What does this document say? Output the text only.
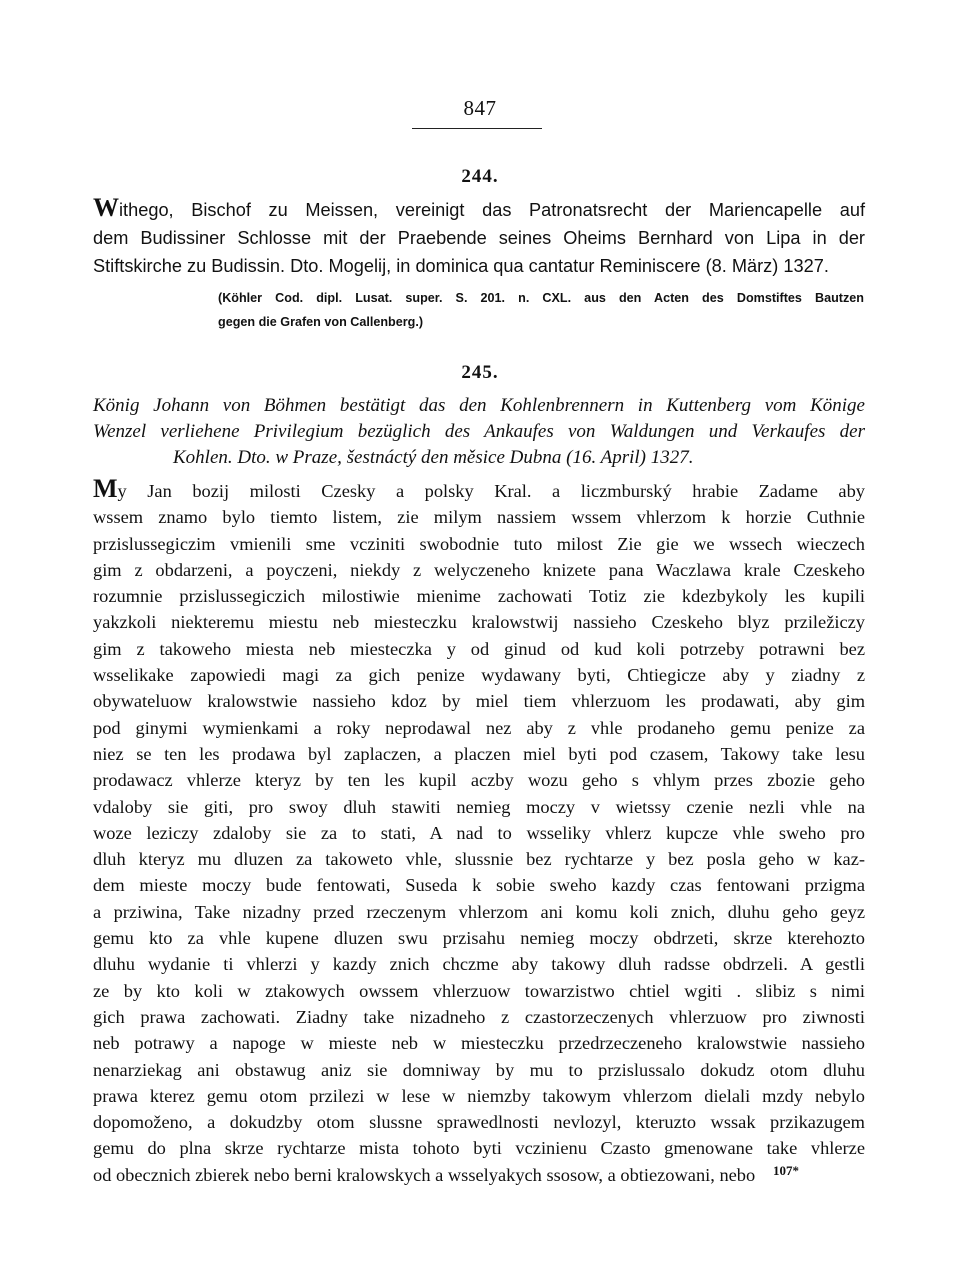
847
244.
Withego, Bischof zu Meissen, vereinigt das Patronatsrecht der Mariencapelle auf
dem Budissiner Schlosse mit der Praebende seines Oheims Bernhard von Lipa in der
Stiftskirche zu Budissin. Dto. Mogelij, in dominica qua cantatur Reminiscere (8. März) 1327.
(Köhler Cod. dipl. Lusat. super. S. 201. n. CXL. aus den Acten des Domstiftes Bautzen
gegen die Grafen von Callenberg.)
245.
König Johann von Böhmen bestätigt das den Kohlenbrennern in Kuttenberg vom Könige
Wenzel verliehene Privilegium bezüglich des Ankaufes von Waldungen und Verkaufes der
Kohlen. Dto. w Praze, šestnáctý den měsice Dubna (16. April) 1327.
My Jan bozij milosti Czesky a polsky Kral. a liczmburský hrabie Zadame aby
wssem znamo bylo tiemto listem, zie milym nassiem wssem vhlerzom k horzie Cuthnie
przislussegiczim vmienili sme vcziniti swobodnie tuto milost Zie gie we wssech wieczech
gim z obdarzeni, a poyczeni, niekdy z welyczeneho knizete pana Waczlawa krale Czeskeho
rozumnie przislussegiczich milostiwie mienime zachowati Totiz zie kdezbykoly les kupili
yakzkoli niekteremu miestu neb miesteczku kralowstwij nassieho Czeskeho blyz prziležiczy
gim z takoweho miesta neb miesteczka y od ginud od kud koli potrzeby potrawni bez
wsselikake zapowiedi magi za gich penize wydawany byti, Chtiegicze aby y ziadny z
obywateluow kralowstwie nassieho kdoz by miel tiem vhlerzuom les prodawati, aby gim
pod ginymi wymienkami a roky neprodawal nez aby z vhle prodaneho gemu penize za
niez se ten les prodawa byl zaplaczen, a placzen miel byti pod czasem, Takowy take lesu
prodawacz vhlerze kteryz by ten les kupil aczby wozu geho s vhlym przes zbozie geho
vdaloby sie giti, pro swoy dluh stawiti nemieg moczy v wietssy czenie nezli vhle na
woze leziczy zdaloby sie za to stati, A nad to wsseliky vhlerz kupcze vhle sweho pro
dluh kteryz mu dluzen za takoweto vhle, slussnie bez rychtarze y bez posla geho w kaz-
dem mieste moczy bude fentowati, Suseda k sobie sweho kazdy czas fentowani przigma
a prziwina, Take nizadny przed rzeczenym vhlerzom ani komu koli znich, dluhu geho geyz
gemu kto za vhle kupene dluzen swu przisahu nemieg moczy obdrzeti, skrze kterehozto
dluhu wydanie ti vhlerzi y kazdy znich chczme aby takowy dluh radsse obdrzeli. A gestli
ze by kto koli w ztakowych owssem vhlerzuow towarzistwo chtiel wgiti . slibiz s nimi
gich prawa zachowati. Ziadny take nizadneho z czastorzeczenych vhlerzuow pro ziwnosti
neb potrawy a napoge w mieste neb w miesteczku przedrzeczeneho kralowstwie nassieho
nenarziekag ani obstawug aniz sie domniway by mu to przislussalo dokudz otom dluhu
prawa kterez gemu otom przilezi w lese w niemzby takowym vhlerzom dielali mzdy nebylo
dopomoženo, a dokudzby otom slussne sprawedlnosti nevlozyl, kteruzto wssak przikazugem
gemu do plna skrze rychtarze mista tohoto byti vczinienu Czasto gmenowane take vhlerze
od obecznich zbierek nebo berni kralowskych a wsselyakych ssosow, a obtiezowani, nebo	107*
